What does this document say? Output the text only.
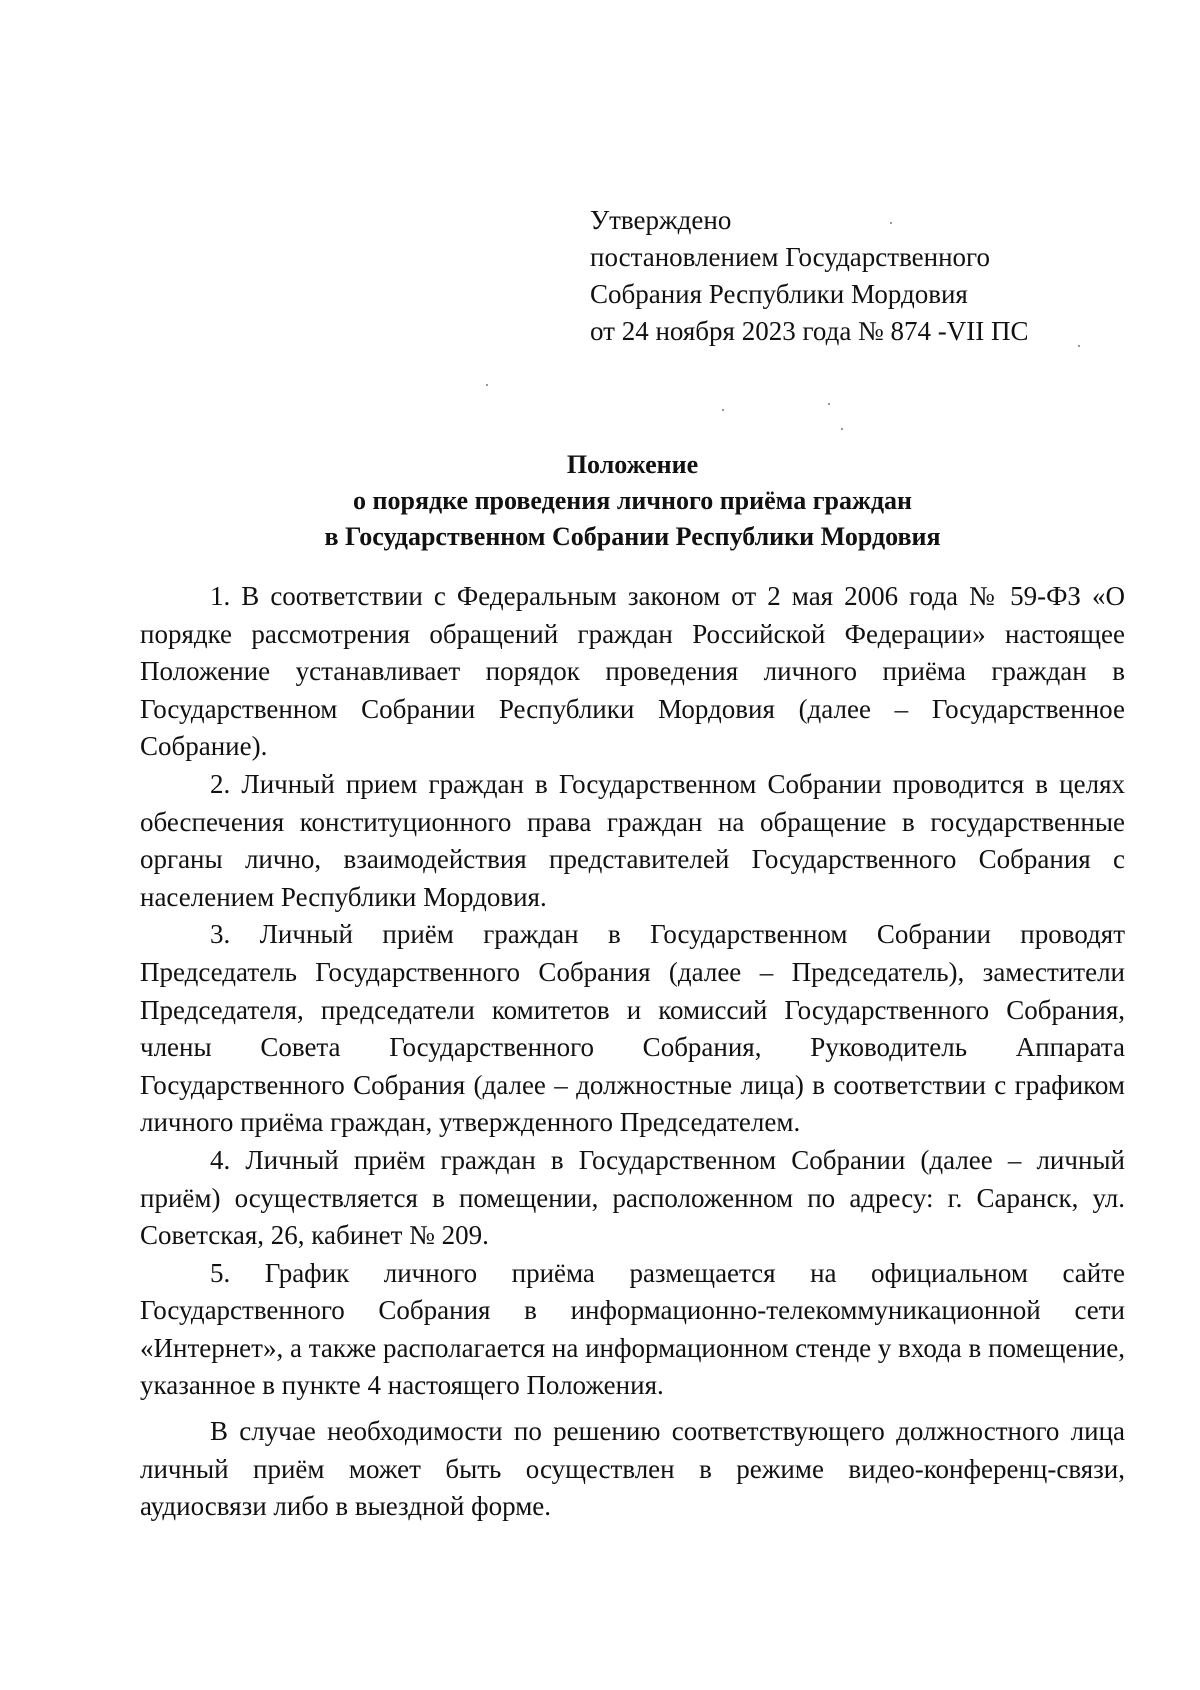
Утверждено
постановлением Государственного
Собрания Республики Мордовия
от 24 ноября 2023 года № 874 -VII ПС
Положение
о порядке проведения личного приёма граждан
в Государственном Собрании Республики Мордовия

1. В соответствии с Федеральным законом от 2 мая 2006 года № 59-ФЗ «О порядке рассмотрения обращений граждан Российской Федерации» настоящее Положение устанавливает порядок проведения личного приёма граждан в Государственном Собрании Республики Мордовия (далее – Государственное Собрание).

2. Личный прием граждан в Государственном Собрании проводится в целях обеспечения конституционного права граждан на обращение в государственные органы лично, взаимодействия представителей Государственного Собрания с населением Республики Мордовия.

3. Личный приём граждан в Государственном Собрании проводят Председатель Государственного Собрания (далее – Председатель), заместители Председателя, председатели комитетов и комиссий Государственного Собрания, члены Совета Государственного Собрания, Руководитель Аппарата Государственного Собрания (далее – должностные лица) в соответствии с графиком личного приёма граждан, утвержденного Председателем.

4. Личный приём граждан в Государственном Собрании (далее – личный приём) осуществляется в помещении, расположенном по адресу: г. Саранск, ул. Советская, 26, кабинет № 209.

5. График личного приёма размещается на официальном сайте Государственного Собрания в информационно-телекоммуникационной сети «Интернет», а также располагается на информационном стенде у входа в помещение, указанное в пункте 4 настоящего Положения.

В случае необходимости по решению соответствующего должностного лица личный приём может быть осуществлен в режиме видео-конференц-связи, аудиосвязи либо в выездной форме.
